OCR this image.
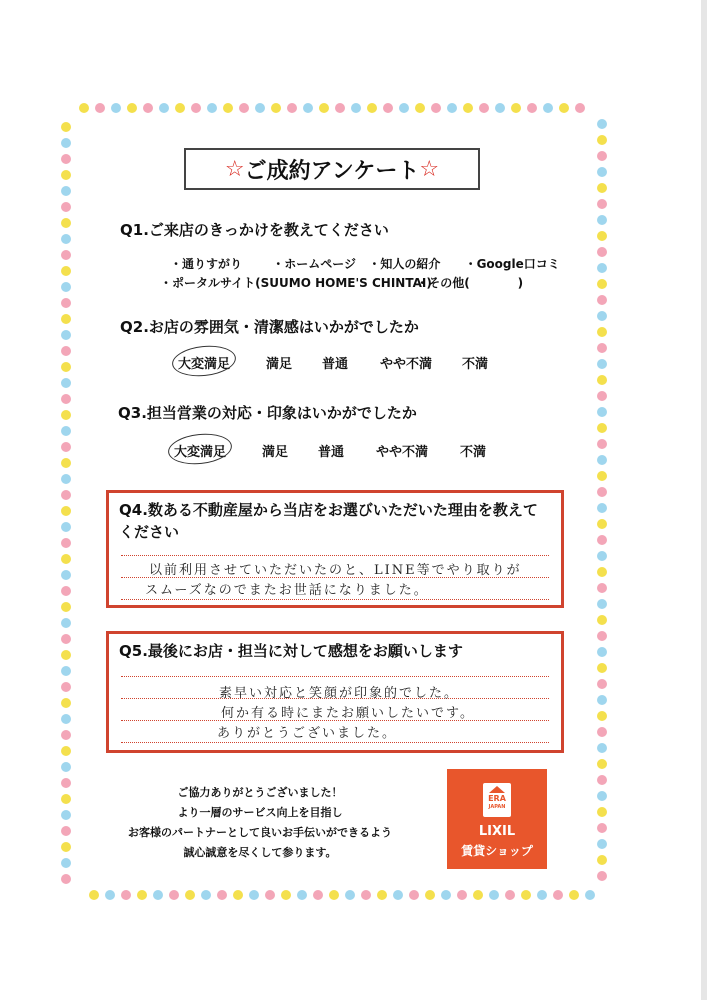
☆ ご成約アンケート ☆
Q1.ご来店のきっかけを教えてください
・通りすがり	・ホームページ ・知人の紹介 ・Google口コミ
・ポータルサイト(SUUMO HOME'S CHINTAI) ・その他(　　　　)
Q2.お店の雰囲気・清潔感はいかがでしたか
大変満足	満足	普通	やや不満	不満
Q3.担当営業の対応・印象はいかがでしたか
大変満足	満足	普通	やや不満	不満
Q4.数ある不動産屋から当店をお選びいただいた理由を教えてください
以前利用させていただいたのと、LINE等でやり取りが
スムーズなのでまたお世話になりました。
Q5.最後にお店・担当に対して感想をお願いします
素早い対応と笑顔が印象的でした。
何か有る時にまたお願いしたいです。
ありがとうございました。
ご協力ありがとうございました！
より一層のサービス向上を目指し
お客様のパートナーとして良いお手伝いができるよう
誠心誠意を尽くして参ります。
ERA
JAPAN
LIXIL
賃貸ショップ
